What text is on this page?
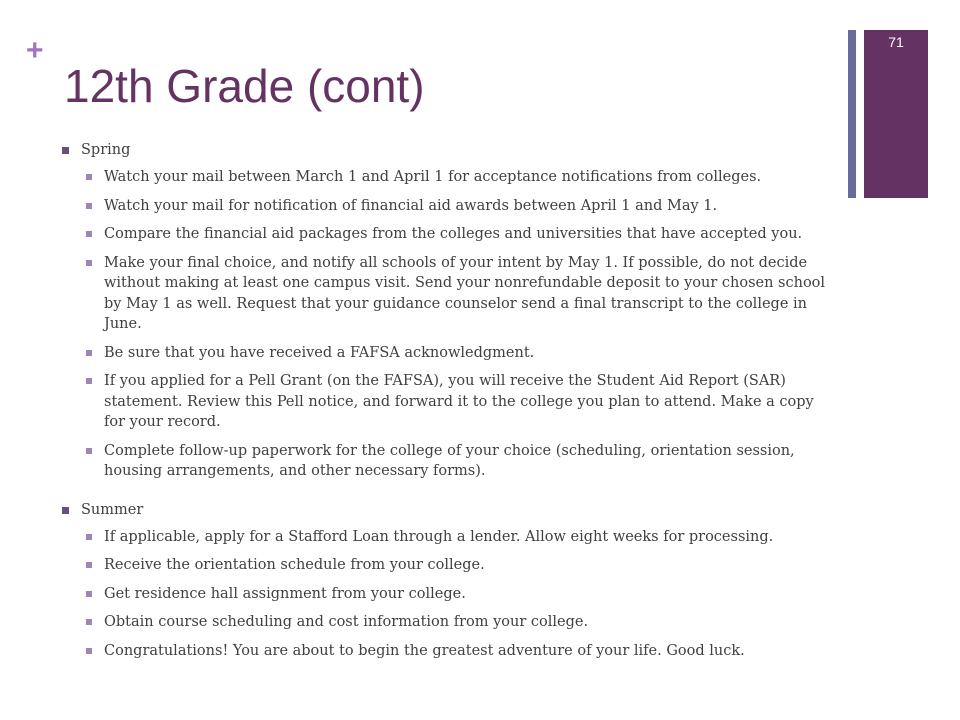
+
12th Grade (cont)
71
Spring
Watch your mail between March 1 and April 1 for acceptance notifications from colleges.
Watch your mail for notification of financial aid awards between April 1 and May 1.
Compare the financial aid packages from the colleges and universities that have accepted you.
Make your final choice, and notify all schools of your intent by May 1. If possible, do not decide without making at least one campus visit. Send your nonrefundable deposit to your chosen school by May 1 as well. Request that your guidance counselor send a final transcript to the college in June.
Be sure that you have received a FAFSA acknowledgment.
If you applied for a Pell Grant (on the FAFSA), you will receive the Student Aid Report (SAR) statement. Review this Pell notice, and forward it to the college you plan to attend. Make a copy for your record.
Complete follow-up paperwork for the college of your choice (scheduling, orientation session, housing arrangements, and other necessary forms).
Summer
If applicable, apply for a Stafford Loan through a lender. Allow eight weeks for processing.
Receive the orientation schedule from your college.
Get residence hall assignment from your college.
Obtain course scheduling and cost information from your college.
Congratulations! You are about to begin the greatest adventure of your life. Good luck.
